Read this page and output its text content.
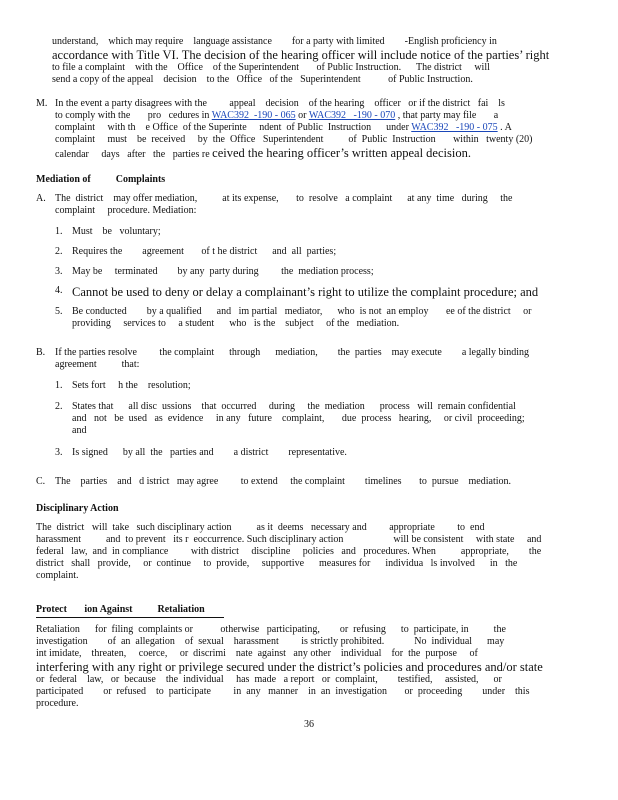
understand,    which may require    language assistance        for a party with limited        -English proficiency in

accordance with Title VI. The decision of the hearing officer will include notice of the parties’ right

to file a complaint    with the    Office    of the Superintendent       of Public Instruction.      The district     will

send a copy of the appeal    decision    to the   Office   of the   Superintendent           of Public Instruction.

M. In the event a party disagrees with the         appeal    decision    of the hearing    officer   or if the district   fai    ls

to comply with the       pro   cedures in WAC392  -190 - 065 or WAC392   -190 - 070 , that party may file       a

complaint     with th    e Office  of the Superinte     ndent  of Public  Instruction      under WAC392   -190 - 075 . A

complaint     must    be  received     by  the  Office   Superintendent          of  Public  Instruction       within   twenty (20)

calendar     days   after   the   parties re ceived the hearing officer’s written appeal decision.

Mediation of          Complaints
A. The  district    may offer mediation,          at its expense,       to  resolve   a complaint      at any  time   during     the

complaint     procedure. Mediation:

1. Must    be   voluntary;

2. Requires the        agreement       of t he district      and  all  parties;

3. May be     terminated        by any  party during         the  mediation process;

4. Cannot be used to deny or delay a complainant’s right to utilize the complaint procedure; and

5. Be conducted        by a qualified      and   im partial   mediator,      who  is not  an employ       ee of the district     or

providing     services to     a student      who   is the    subject     of the   mediation.

B. If the parties resolve         the complaint      through      mediation,        the  parties    may execute        a legally binding

agreement          that:

1. Sets fort     h the    resolution;

2. States that      all disc  ussions    that  occurred     during     the  mediation      process   will  remain confidential

and   not   be  used   as  evidence     in any   future    complaint,       due  process   hearing,     or civil  proceeding;

and

3. Is signed      by all  the   parties and        a district        representative.

C. The    parties    and   d istrict   may agree         to extend     the complaint        timelines       to  pursue    mediation.

Disciplinary Action

The  district   will  take   such disciplinary action          as it  deems   necessary and         appropriate         to  end

harassment          and  to prevent   its r  eoccurrence. Such disciplinary action                    will be consistent     with state     and

federal   law,  and  in compliance         with district     discipline     policies   and   procedures. When          appropriate,        the

district   shall   provide,     or  continue     to  provide,     supportive      measures for      individua   ls involved      in   the

complaint.

Protect       ion Against          Retaliation

Retaliation      for  filing  complaints or           otherwise   participating,        or  refusing      to  participate, in          the

investigation        of  an  allegation    of  sexual    harassment         is strictly prohibited.            No  individual      may

int imidate,    threaten,     coerce,     or  discrimi    nate  against   any other    individual    for  the  purpose     of

interfering with any right or privilege secured under the district’s policies and procedures and/or state

or  federal    law,   or  because    the  individual     has  made   a report   or  complaint,        testified,     assisted,      or

participated        or  refused    to  participate         in  any   manner    in  an  investigation       or  proceeding        under    this

procedure.

36
